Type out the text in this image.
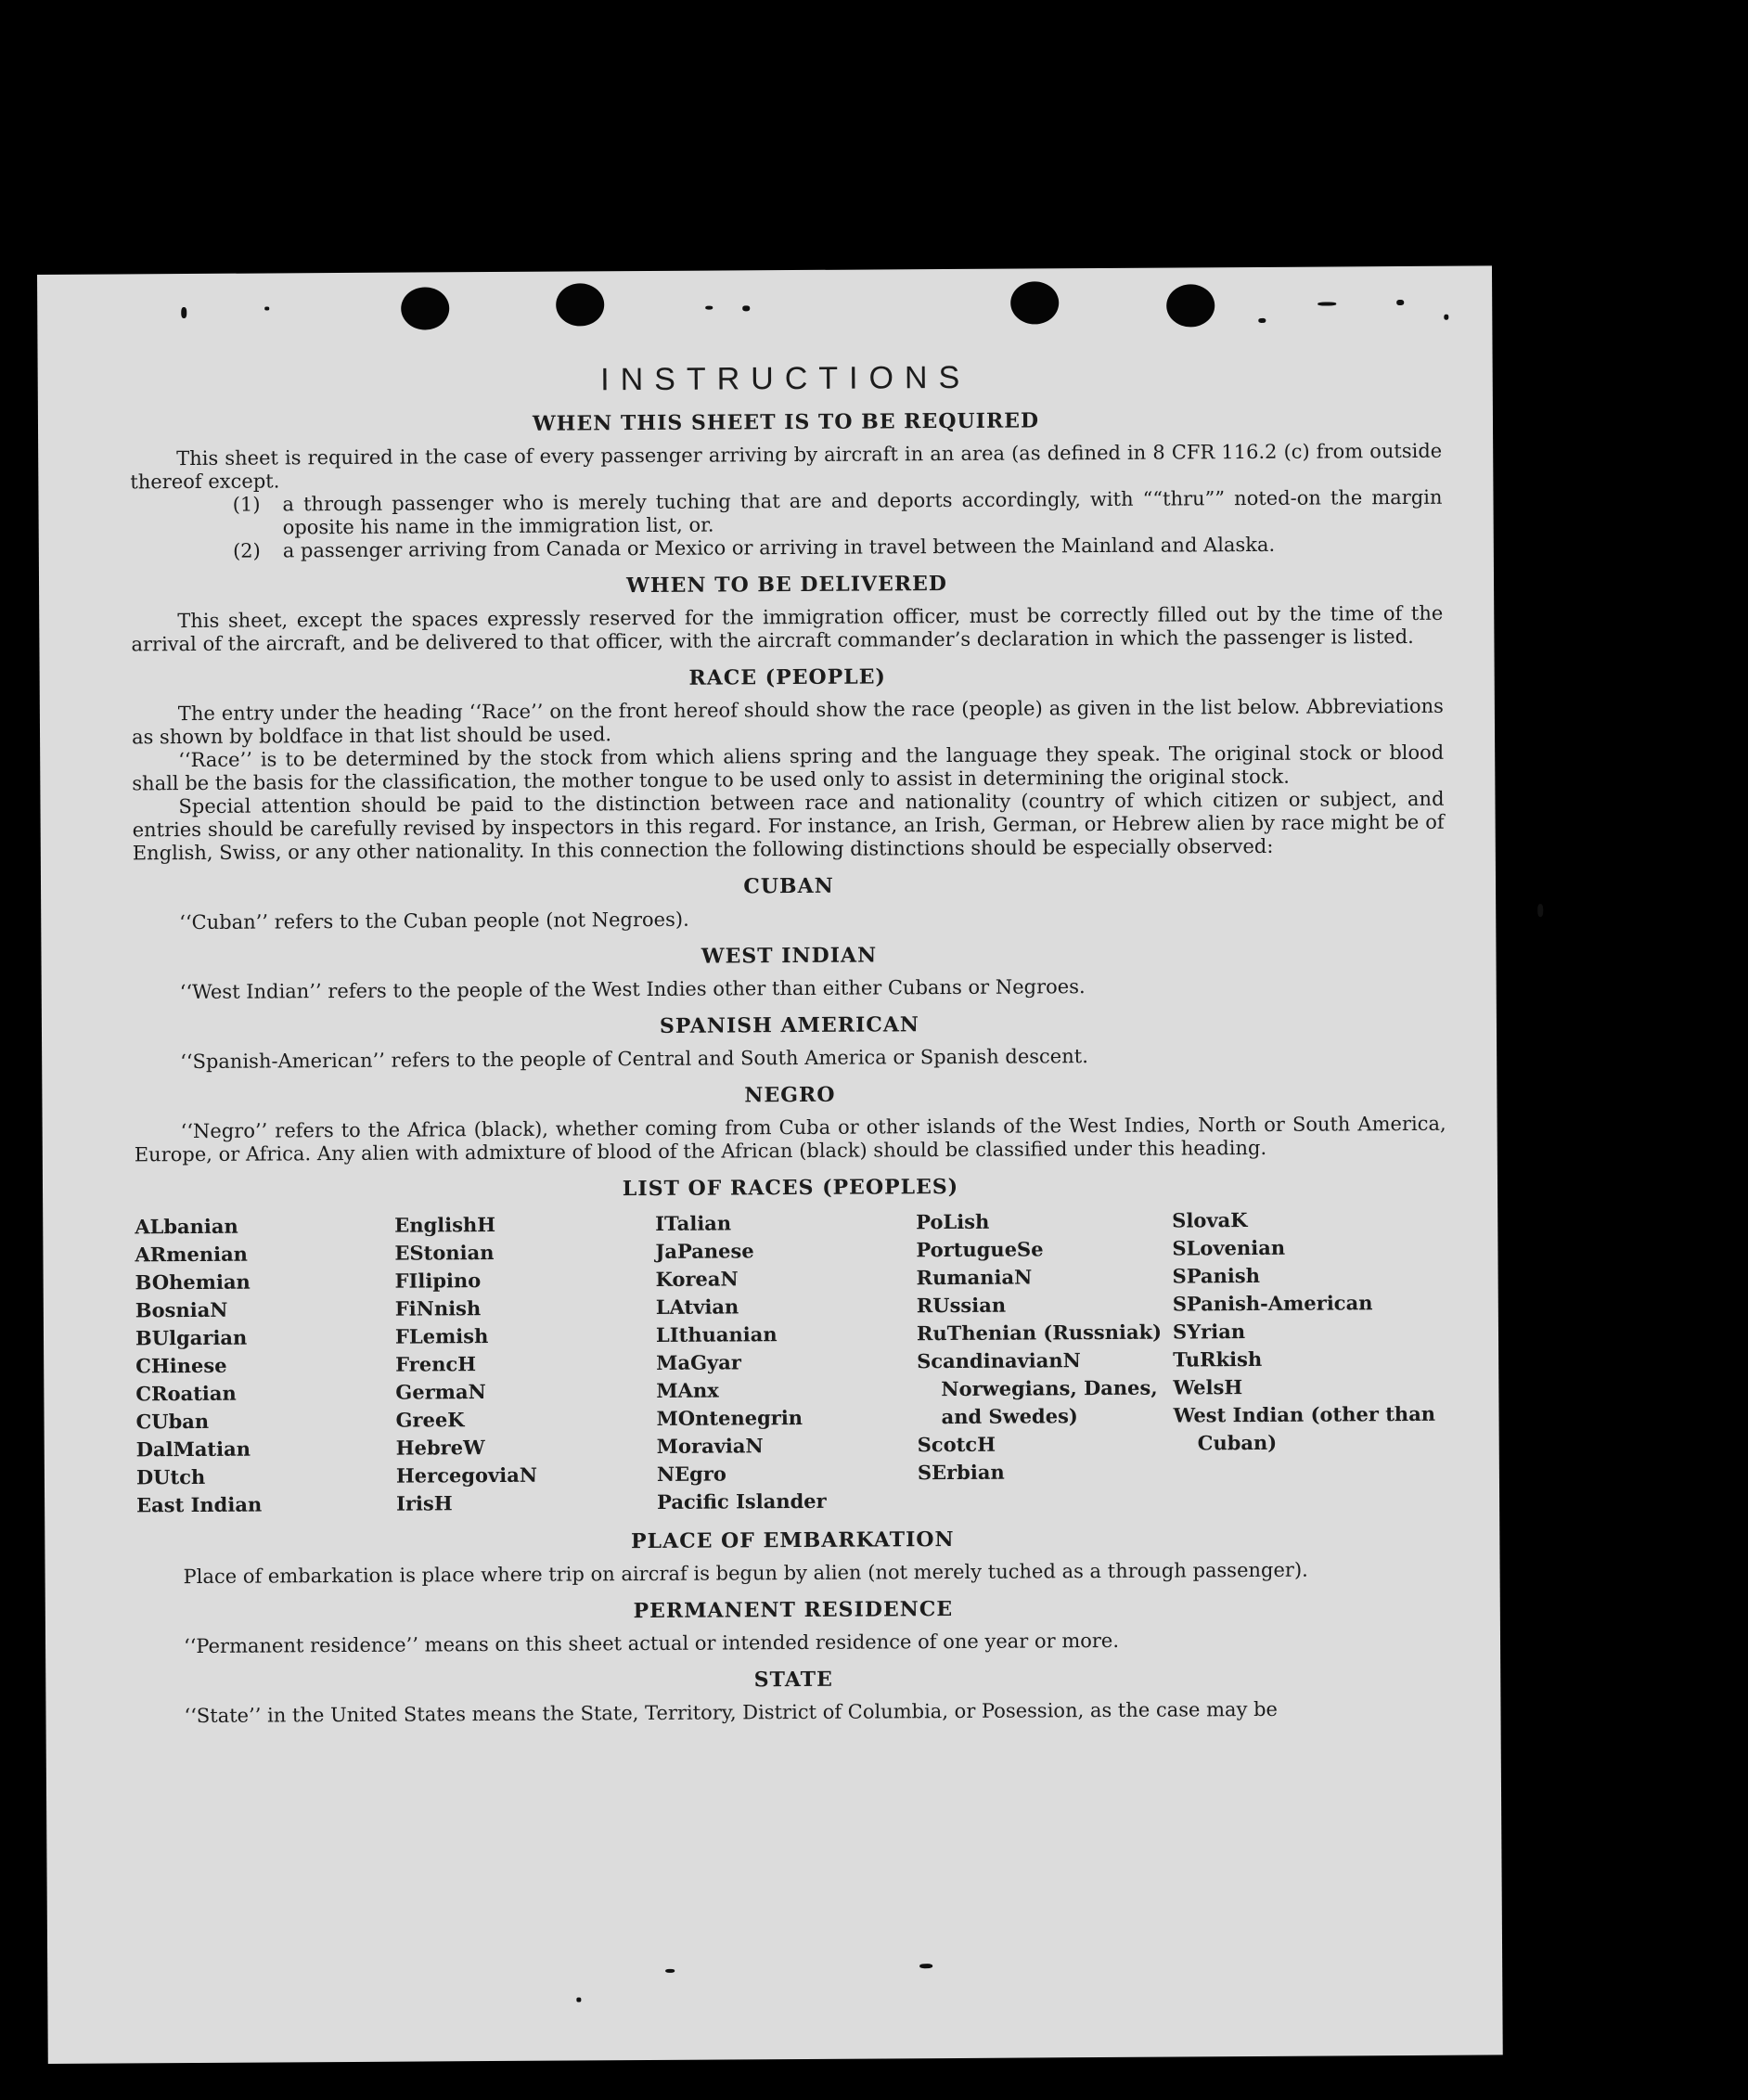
INSTRUCTIONS
WHEN THIS SHEET IS TO BE REQUIRED

This sheet is required in the case of every passenger arriving by aircraft in an area (as defined in 8 CFR 116.2 (c) from outside thereof except.

(1)	a through passenger who is merely tuching that are and deports accordingly, with ““thru”” noted-on the margin oposite his name in the immigration list, or.
(2)	a passenger arriving from Canada or Mexico or arriving in travel between the Mainland and Alaska.
WHEN TO BE DELIVERED

This sheet, except the spaces expressly reserved for the immigration officer, must be correctly filled out by the time of the arrival of the aircraft, and be delivered to that officer, with the aircraft commander’s declaration in which the passenger is listed.

RACE (PEOPLE)

The entry under the heading ‘‘Race’’ on the front hereof should show the race (people) as given in the list below. Abbreviations as shown by boldface in that list should be used.

‘‘Race’’ is to be determined by the stock from which aliens spring and the language they speak. The original stock or blood shall be the basis for the classification, the mother tongue to be used only to assist in determining the original stock.

Special attention should be paid to the distinction between race and nationality (country of which citizen or subject, and entries should be carefully revised by inspectors in this regard. For instance, an Irish, German, or Hebrew alien by race might be of English, Swiss, or any other nationality. In this connection the following distinctions should be especially observed:

CUBAN

‘‘Cuban’’ refers to the Cuban people (not Negroes).

WEST INDIAN

‘‘West Indian’’ refers to the people of the West Indies other than either Cubans or Negroes.

SPANISH AMERICAN

‘‘Spanish-American’’ refers to the people of Central and South America or Spanish descent.

NEGRO

‘‘Negro’’ refers to the Africa (black), whether coming from Cuba or other islands of the West Indies, North or South America, Europe, or Africa. Any alien with admixture of blood of the African (black) should be classified under this heading.

LIST OF RACES (PEOPLES)
ALbanian
ARmenian
BOhemian
BosniaN
BUlgarian
CHinese
CRoatian
CUban
DalMatian
DUtch
East Indian
EnglishH
EStonian
FIlipino
FiNnish
FLemish
FrencH
GermaN
GreeK
HebreW
HercegoviaN
IrisH
ITalian
JaPanese
KoreaN
LAtvian
LIthuanian
MaGyar
MAnx
MOntenegrin
MoraviaN
NEgro
Pacific Islander
PoLish
PortugueSe
RumaniaN
RUssian
RuThenian (Russniak)
ScandinavianN Norwegians, Danes, and Swedes)
ScotcH
SErbian
SlovaK
SLovenian
SPanish
SPanish-American
SYrian
TuRkish
WelsH
West Indian (other than Cuban)
PLACE OF EMBARKATION

Place of embarkation is place where trip on aircraf is begun by alien (not merely tuched as a through passenger).

PERMANENT RESIDENCE

‘‘Permanent residence’’ means on this sheet actual or intended residence of one year or more.

STATE

‘‘State’’ in the United States means the State, Territory, District of Columbia, or Posession, as the case may be
